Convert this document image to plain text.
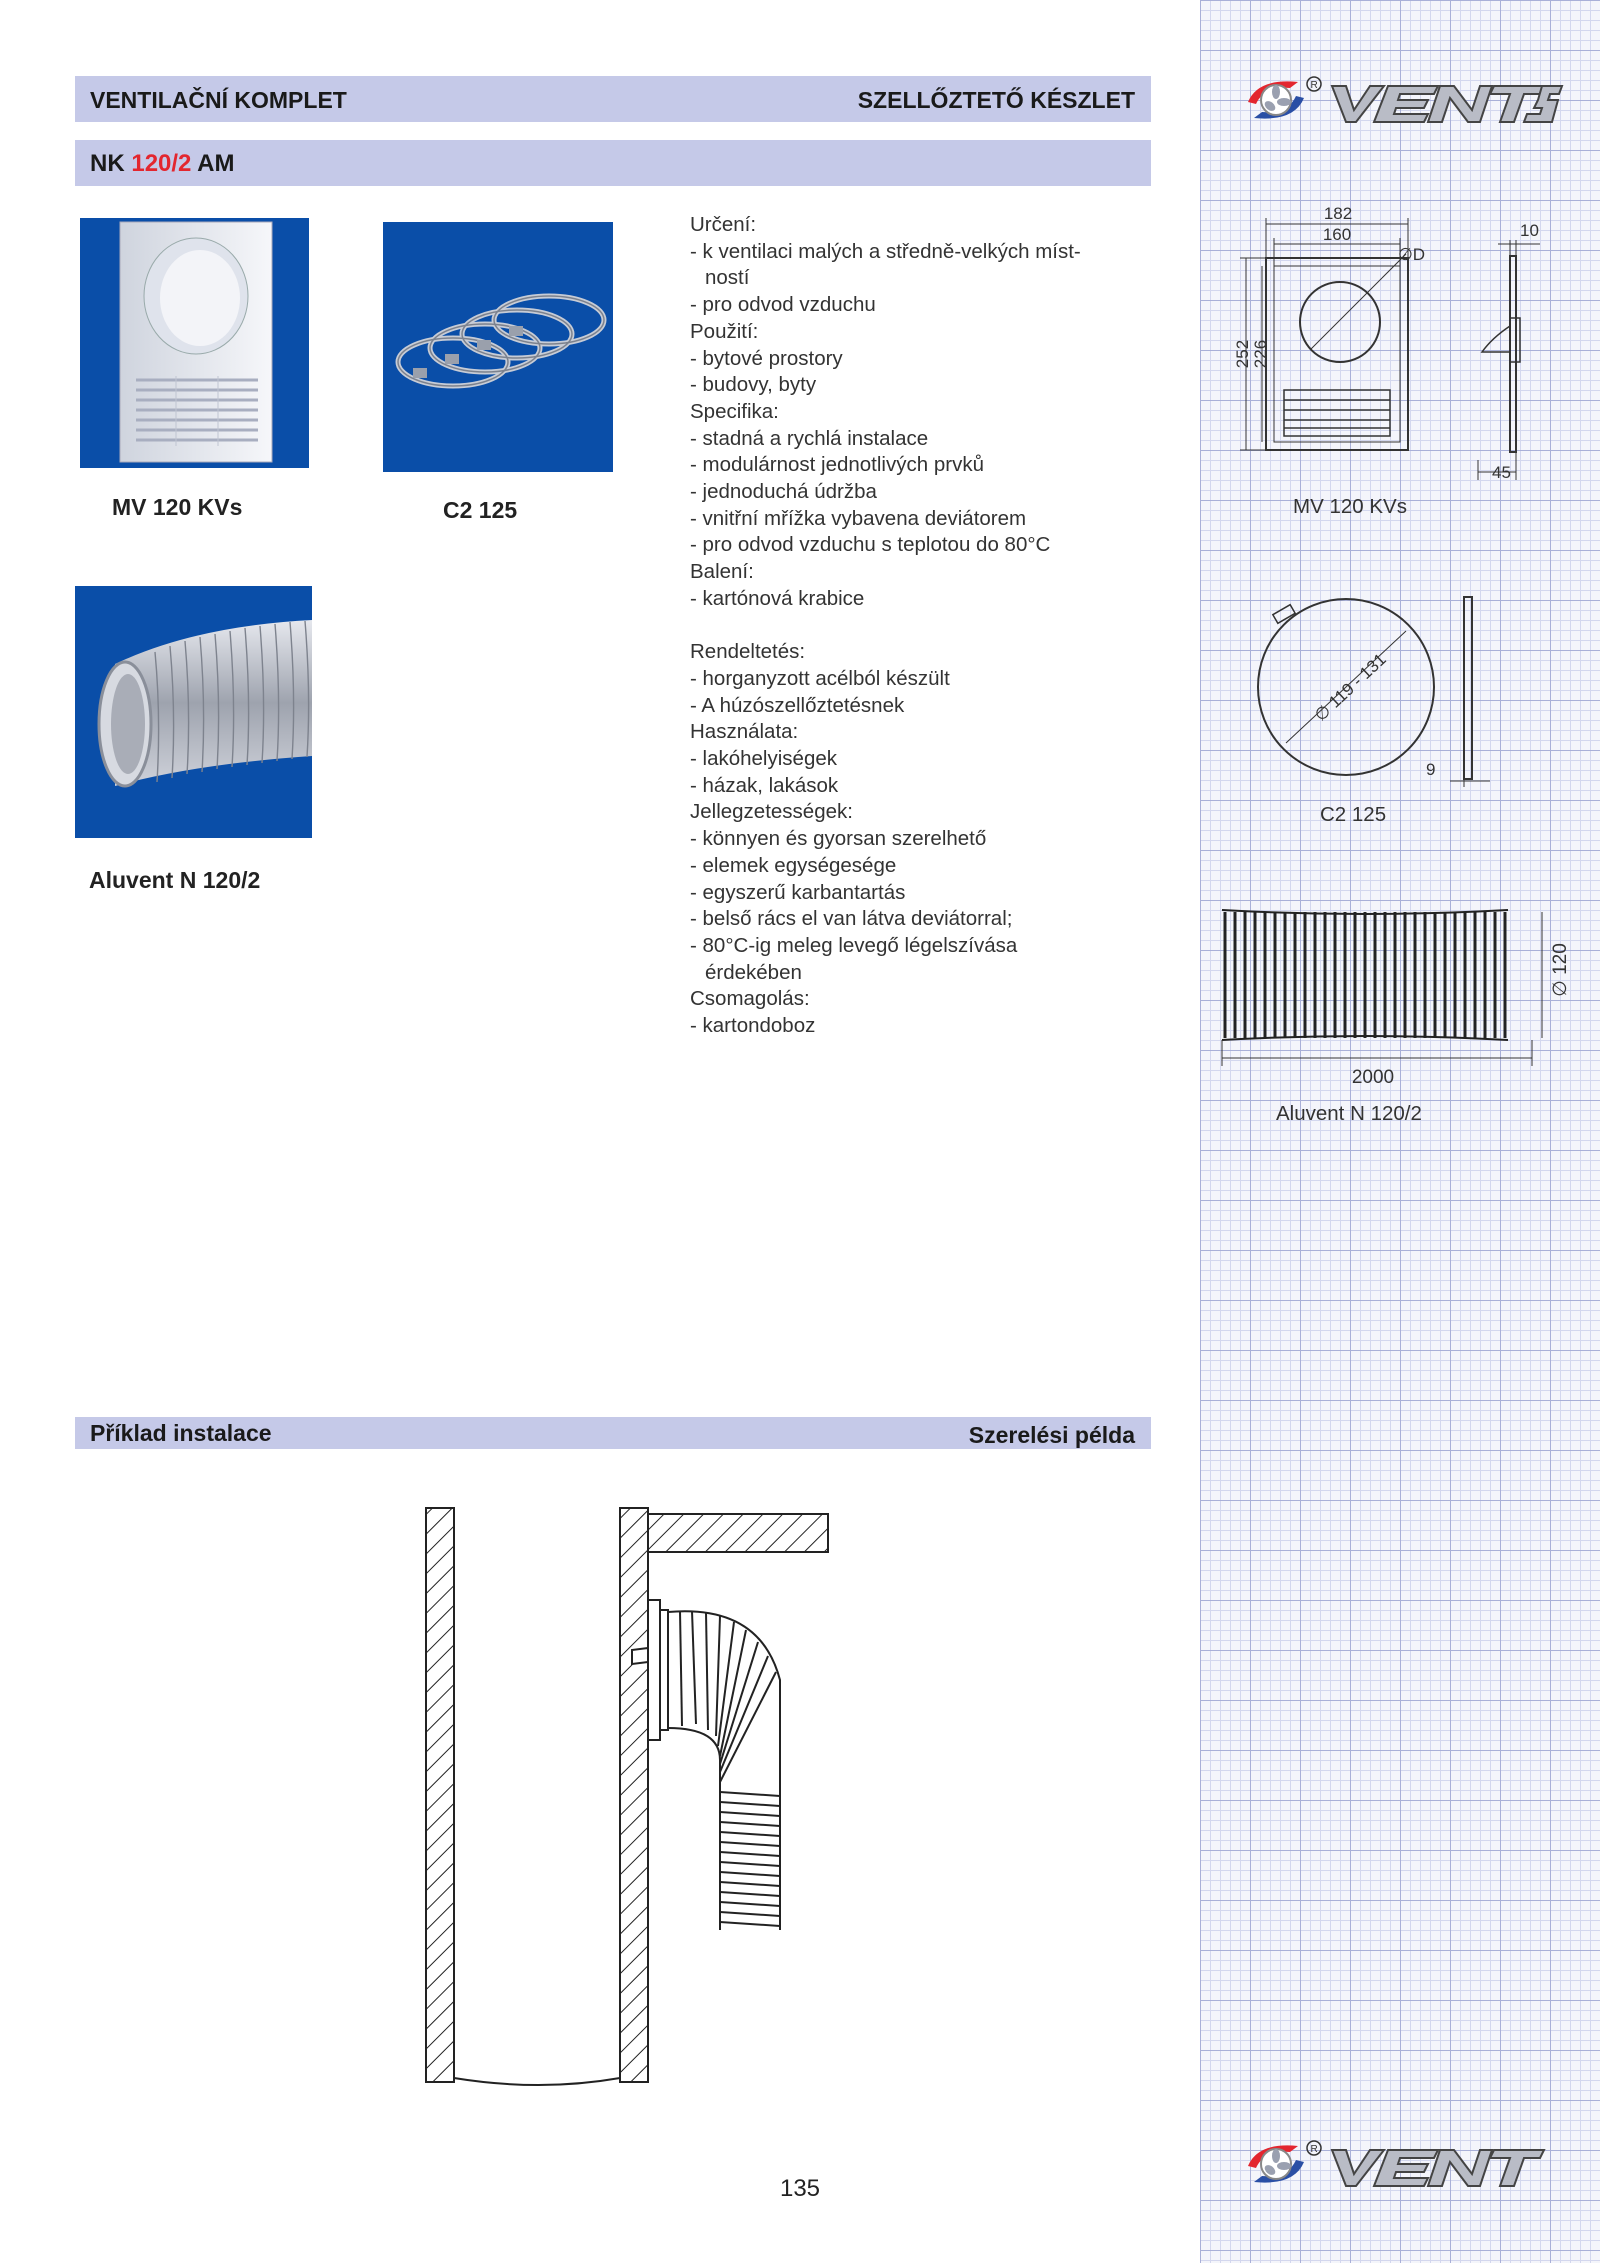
VENTILAČNÍ KOMPLET	SZELLŐZTETŐ KÉSZLET
NK 120/2 AM
R
R
MV 120 KVs	C2 125
Aluvent N 120/2
Určení:
- k ventilaci malých a středně-velkých míst-
ností
- pro odvod vzduchu
Použití:
- bytové prostory
- budovy, byty
Specifika:
- stadná a rychlá instalace
- modulárnost jednotlivých prvků
- jednoduchá údržba
- vnitřní mřížka vybavena deviátorem
- pro odvod vzduchu s teplotou do 80°C
Balení:
- kartónová krabice
Rendeltetés:
- horganyzott acélból készült
- A húzószellőztetésnek
Használata:
- lakóhelyiségek
- házak, lakások
Jellegzetességek:
- könnyen és gyorsan szerelhető
- elemek egységesége
- egyszerű karbantartás
- belső rács el van látva deviátorral;
- 80°C-ig meleg levegő légelszívása
érdekében
Csomagolás:
- kartondoboz
182
160
252 226
∅D
10
45
MV 120 KVs
∅ 119 - 131
9
C2 125
2000
∅ 120
Aluvent N 120/2
Příklad instalace	Szerelési példa
135
